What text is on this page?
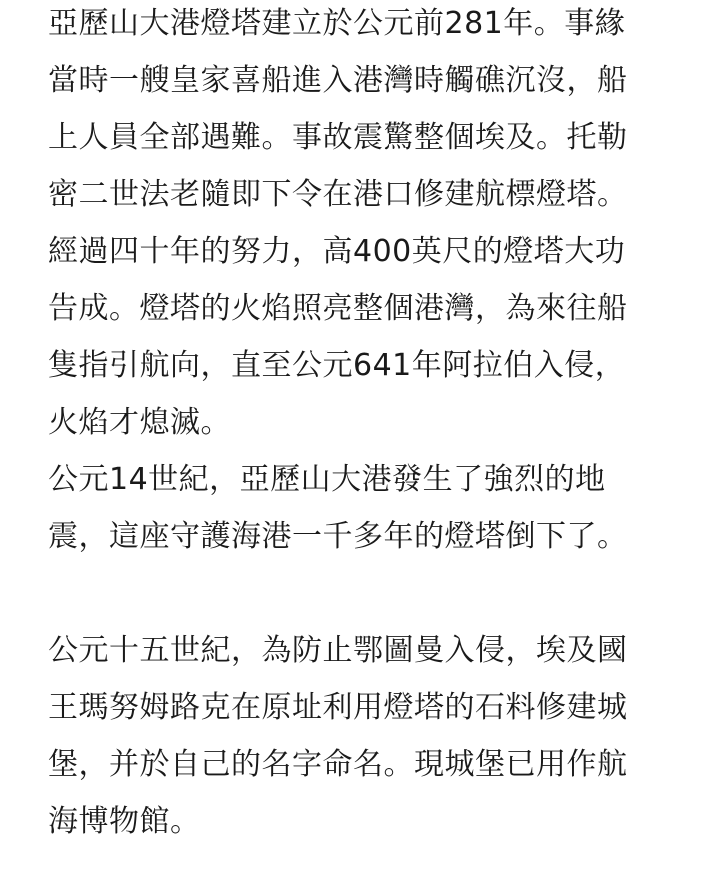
亞歷山大港燈塔建立於公元前281年。事緣
當時一艘皇家喜船進入港灣時觸礁沉沒，船
上人員全部遇難。事故震驚整個埃及。托勒
密二世法老隨即下令在港口修建航標燈塔。
經過四十年的努力，高400英尺的燈塔大功
告成。燈塔的火焰照亮整個港灣，為來往船
隻指引航向，直至公元641年阿拉伯入侵，
火焰才熄滅。
公元14世紀，亞歷山大港發生了強烈的地
震，這座守護海港一千多年的燈塔倒下了。
公元十五世紀，為防止鄂圖曼入侵，埃及國
王瑪努姆路克在原址利用燈塔的石料修建城
堡，并於自己的名字命名。現城堡已用作航
海博物館。
